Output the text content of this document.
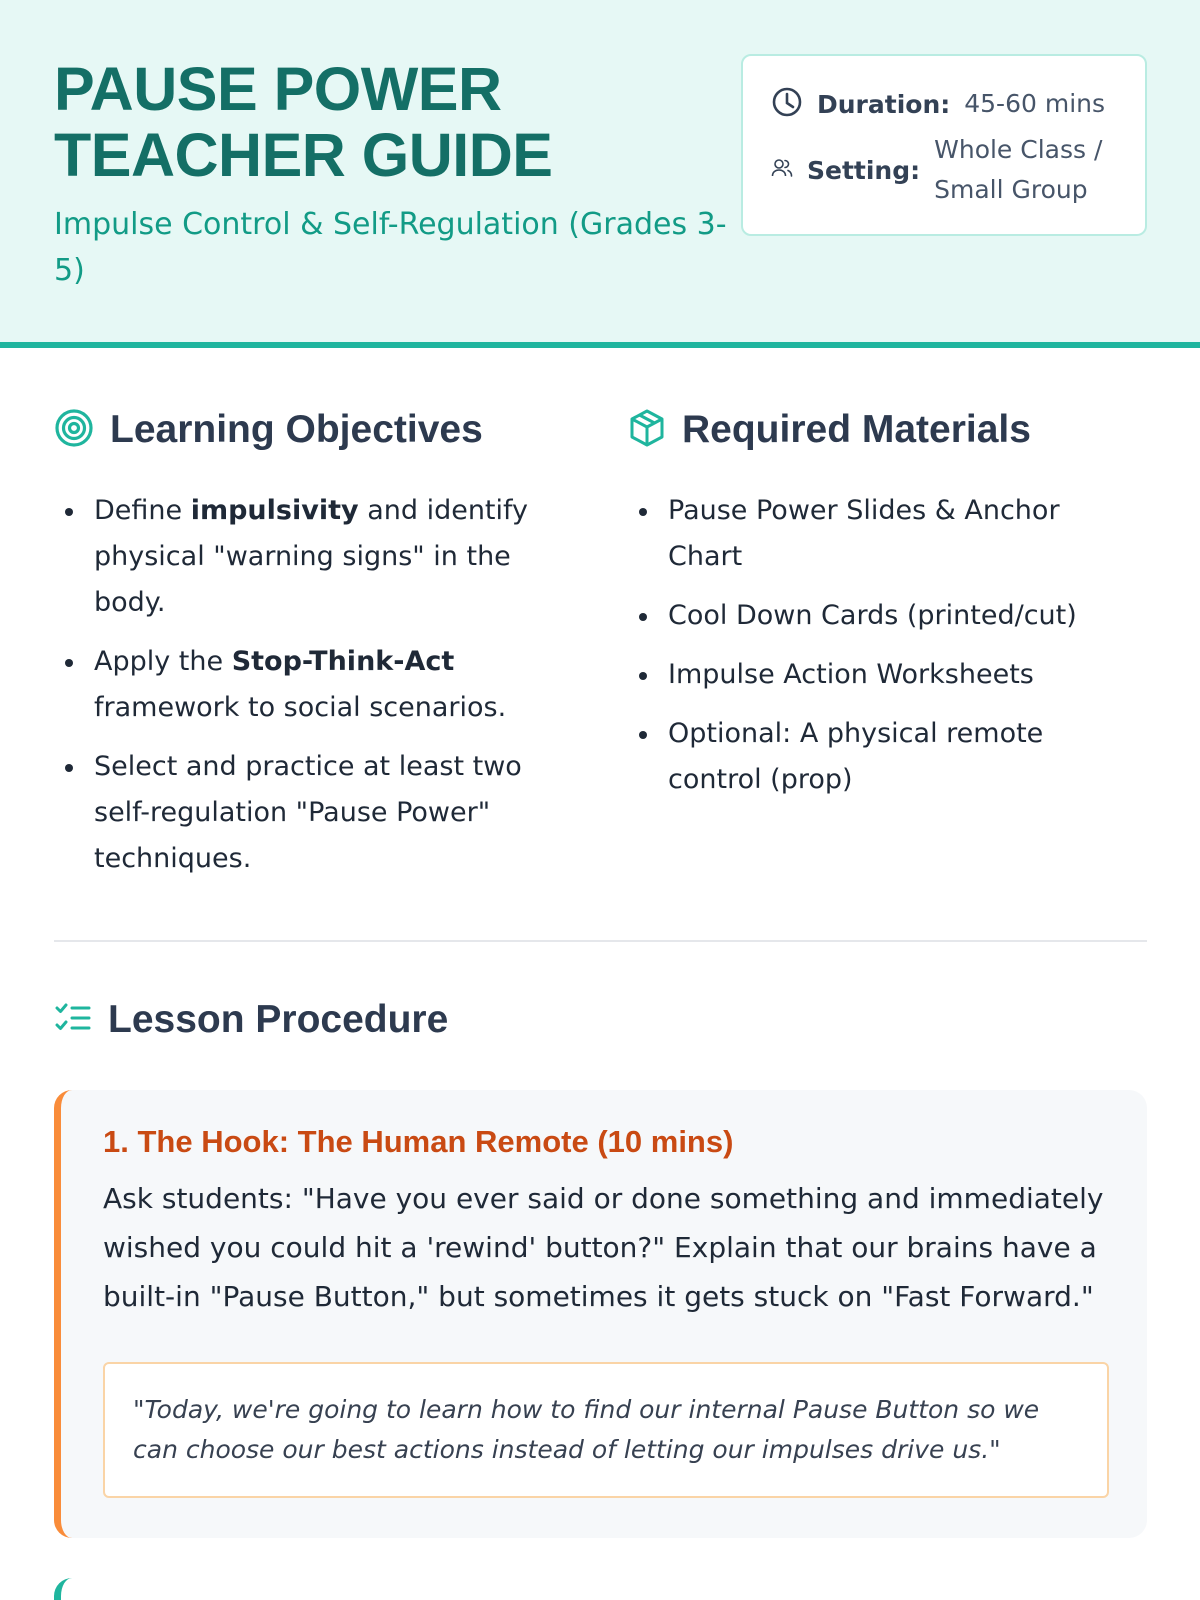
PAUSE POWER
TEACHER GUIDE
Impulse Control & Self-Regulation (Grades 3-5)
Duration: 45-60 mins
Setting:
Whole Class /
Small Group
Learning Objectives
Define impulsivity and identify physical "warning signs" in the body.
Apply the Stop-Think-Act framework to social scenarios.
Select and practice at least two self-regulation "Pause Power" techniques.
Required Materials
Pause Power Slides & Anchor Chart
Cool Down Cards (printed/cut)
Impulse Action Worksheets
Optional: A physical remote control (prop)
Lesson Procedure
1. The Hook: The Human Remote (10 mins)
Ask students: "Have you ever said or done something and immediately wished you could hit a 'rewind' button?" Explain that our brains have a built-in "Pause Button," but sometimes it gets stuck on "Fast Forward."
"Today, we're going to learn how to find our internal Pause Button so we can choose our best actions instead of letting our impulses drive us."
